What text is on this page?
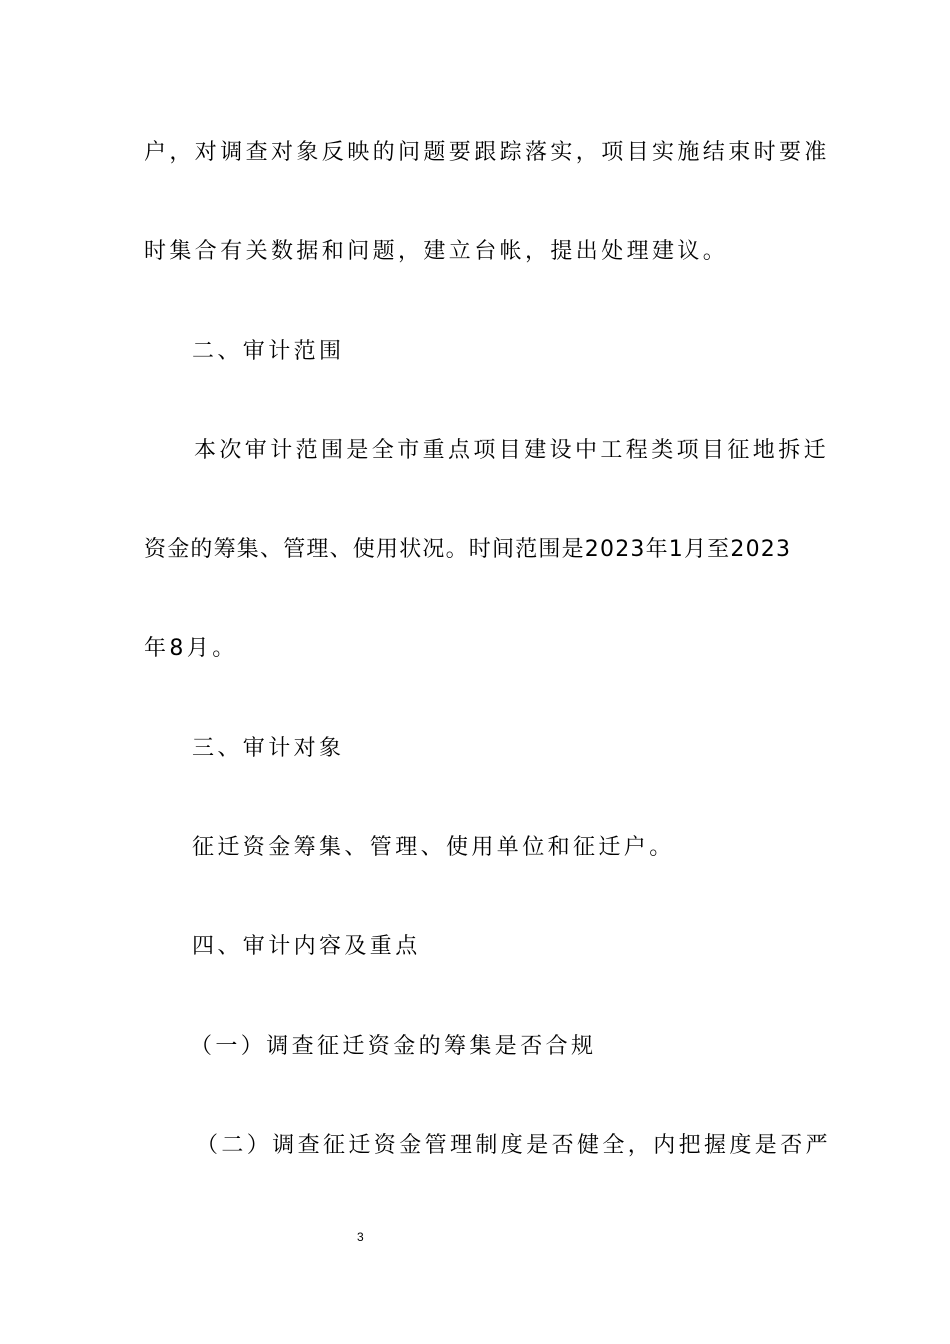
户，对调查对象反映的问题要跟踪落实，项目实施结束时要准
时集合有关数据和问题，建立台帐，提出处理建议。
二、审计范围
本次审计范围是全市重点项目建设中工程类项目征地拆迁
资金的筹集、管理、使用状况。时间范围是2023年1月至2023
年8月。
三、审计对象
征迁资金筹集、管理、使用单位和征迁户。
四、审计内容及重点
（一）调查征迁资金的筹集是否合规
（二）调查征迁资金管理制度是否健全，内把握度是否严
3
